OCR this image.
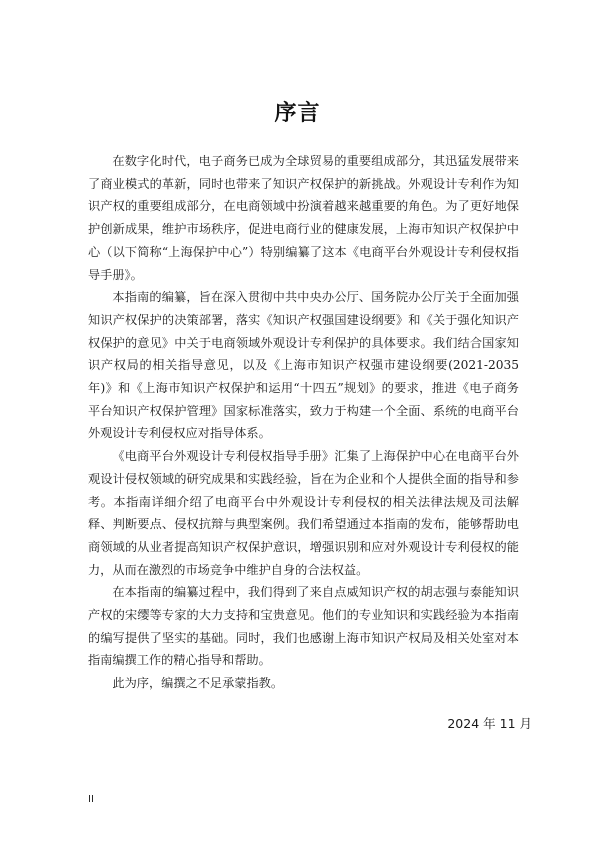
序言

在数字化时代，电子商务已成为全球贸易的重要组成部分，其迅猛发展带来了商业模式的革新，同时也带来了知识产权保护的新挑战。外观设计专利作为知识产权的重要组成部分，在电商领域中扮演着越来越重要的角色。为了更好地保护创新成果，维护市场秩序，促进电商行业的健康发展，上海市知识产权保护中心（以下简称“上海保护中心”）特别编纂了这本《电商平台外观设计专利侵权指导手册》。

本指南的编纂，旨在深入贯彻中共中央办公厅、国务院办公厅关于全面加强知识产权保护的决策部署，落实《知识产权强国建设纲要》和《关于强化知识产权保护的意见》中关于电商领域外观设计专利保护的具体要求。我们结合国家知识产权局的相关指导意见，以及《上海市知识产权强市建设纲要(2021-2035年)》和《上海市知识产权保护和运用“十四五”规划》的要求，推进《电子商务平台知识产权保护管理》国家标准落实，致力于构建一个全面、系统的电商平台外观设计专利侵权应对指导体系。

《电商平台外观设计专利侵权指导手册》汇集了上海保护中心在电商平台外观设计侵权领域的研究成果和实践经验，旨在为企业和个人提供全面的指导和参考。本指南详细介绍了电商平台中外观设计专利侵权的相关法律法规及司法解释、判断要点、侵权抗辩与典型案例。我们希望通过本指南的发布，能够帮助电商领域的从业者提高知识产权保护意识，增强识别和应对外观设计专利侵权的能力，从而在激烈的市场竞争中维护自身的合法权益。

在本指南的编纂过程中，我们得到了来自点威知识产权的胡志强与泰能知识产权的宋缨等专家的大力支持和宝贵意见。他们的专业知识和实践经验为本指南的编写提供了坚实的基础。同时，我们也感谢上海市知识产权局及相关处室对本指南编撰工作的精心指导和帮助。

此为序，编撰之不足承蒙指教。

2024 年 11 月
II
